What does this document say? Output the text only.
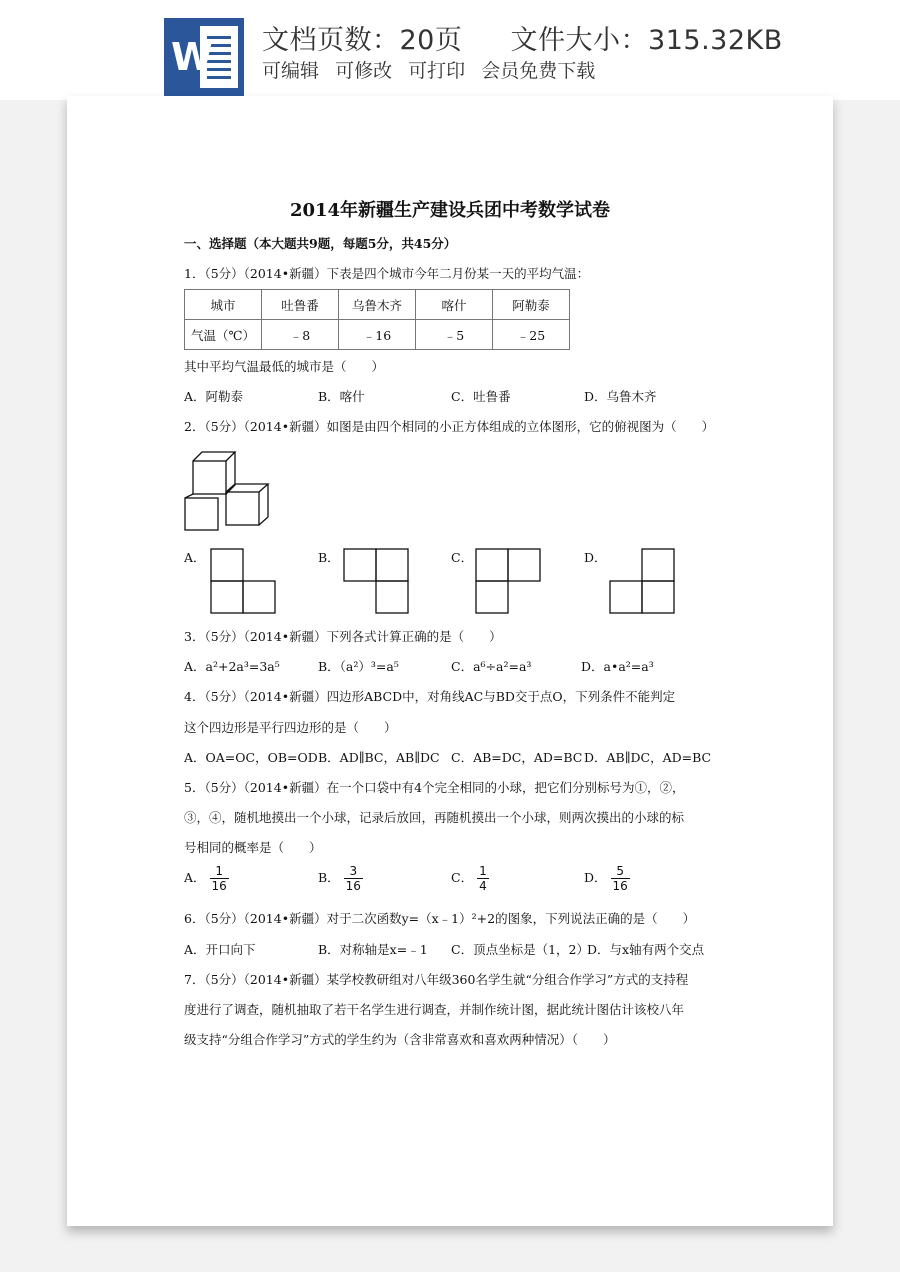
W 文档页数：20页 文件大小：315.32KB
可编辑 可修改 可打印 会员免费下载
2014年新疆生产建设兵团中考数学试卷
一、选择题（本大题共9题，每题5分，共45分）
1．（5分）（2014•新疆）下表是四个城市今年二月份某一天的平均气温：
城市	吐鲁番	乌鲁木齐	喀什	阿勒泰
气温（℃）	﹣8	﹣16	﹣5	﹣25
其中平均气温最低的城市是（　　）
A．阿勒泰	B．喀什	C．吐鲁番	D．乌鲁木齐
2．（5分）（2014•新疆）如图是由四个相同的小正方体组成的立体图形，它的俯视图为（　　）
A．	B．	C．	D．
3．（5分）（2014•新疆）下列各式计算正确的是（　　）
A．a²+2a³=3a⁵	B．（a²）³=a⁵	C．a⁶÷a²=a³	D．a•a²=a³
4．（5分）（2014•新疆）四边形ABCD中，对角线AC与BD交于点O，下列条件不能判定
这个四边形是平行四边形的是（　　）
A．OA=OC，OB=OD B．AD∥BC，AB∥DC C．AB=DC，AD=BC D．AB∥DC，AD=BC
5．（5分）（2014•新疆）在一个口袋中有4个完全相同的小球，把它们分别标号为①，②，
③，④，随机地摸出一个小球，记录后放回，再随机摸出一个小球，则两次摸出的小球的标
号相同的概率是（　　）
A． $\frac{1}{16}$	B． $\frac{3}{16}$	C． $\frac{1}{4}$	D． $\frac{5}{16}$
6．（5分）（2014•新疆）对于二次函数y=（x﹣1）²+2的图象，下列说法正确的是（　　）
A．开口向下	B．对称轴是x=﹣1 C．顶点坐标是（1，2）
D．与x轴有两个交点
7．（5分）（2014•新疆）某学校教研组对八年级360名学生就“分组合作学习”方式的支持程
度进行了调查，随机抽取了若干名学生进行调查，并制作统计图，据此统计图估计该校八年
级支持“分组合作学习”方式的学生约为（含非常喜欢和喜欢两种情况）（　　）
